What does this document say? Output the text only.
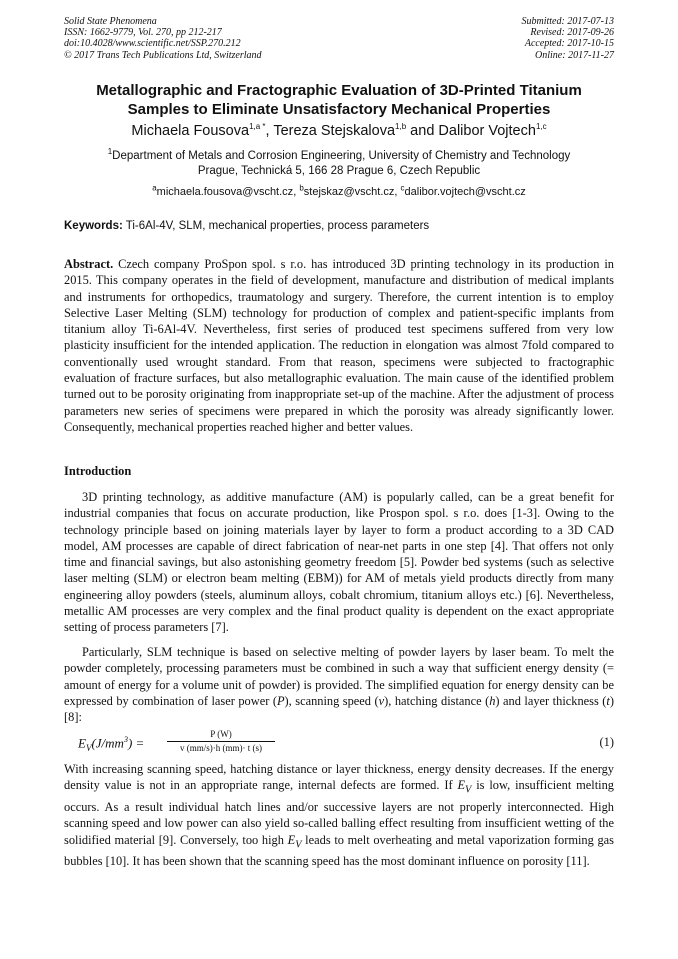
Solid State Phenomena
ISSN: 1662-9779, Vol. 270, pp 212-217
doi:10.4028/www.scientific.net/SSP.270.212
© 2017 Trans Tech Publications Ltd, Switzerland
Submitted: 2017-07-13
Revised: 2017-09-26
Accepted: 2017-10-15
Online: 2017-11-27
Metallographic and Fractographic Evaluation of 3D-Printed Titanium
Samples to Eliminate Unsatisfactory Mechanical Properties
Michaela Fousova$^{1,a *}$, Tereza Stejskalova$^{1,b}$ and Dalibor Vojtech$^{1,c}$
$^1$Department of Metals and Corrosion Engineering, University of Chemistry and Technology
Prague, Technická 5, 166 28 Prague 6, Czech Republic
$^a$michaela.fousova@vscht.cz, $^b$stejskaz@vscht.cz, $^c$dalibor.vojtech@vscht.cz
Keywords: Ti-6Al-4V, SLM, mechanical properties, process parameters
Abstract. Czech company ProSpon spol. s r.o. has introduced 3D printing technology in its production in 2015. This company operates in the field of development, manufacture and distribution of medical implants and instruments for orthopedics, traumatology and surgery. Therefore, the current intention is to employ Selective Laser Melting (SLM) technology for production of complex and patient-specific implants from titanium alloy Ti-6Al-4V. Nevertheless, first series of produced test specimens suffered from very low plasticity insufficient for the intended application. The reduction in elongation was almost 7fold compared to conventionally used wrought standard. From that reason, specimens were subjected to fractographic evaluation of fracture surfaces, but also metallographic evaluation. The main cause of the identified problem turned out to be porosity originating from inappropriate set-up of the machine. After the adjustment of process parameters new series of specimens were prepared in which the porosity was already significantly lower. Consequently, mechanical properties reached higher and better values.
Introduction
3D printing technology, as additive manufacture (AM) is popularly called, can be a great benefit for industrial companies that focus on accurate production, like Prospon spol. s r.o. does [1-3]. Owing to the technology principle based on joining materials layer by layer to form a product according to a 3D CAD model, AM processes are capable of direct fabrication of near-net parts in one step [4]. That offers not only time and financial savings, but also astonishing geometry freedom [5]. Powder bed systems (such as selective laser melting (SLM) or electron beam melting (EBM)) for AM of metals yield products directly from many engineering alloy powders (steels, aluminum alloys, cobalt chromium, titanium alloys etc.) [6]. Nevertheless, metallic AM processes are very complex and the final product quality is dependent on the exact appropriate setting of process parameters [7].
Particularly, SLM technique is based on selective melting of powder layers by laser beam. To melt the powder completely, processing parameters must be combined in such a way that sufficient energy density (= amount of energy for a volume unit of powder) is provided. The simplified equation for energy density can be expressed by combination of laser power (P), scanning speed (v), hatching distance (h) and layer thickness (t) [8]:
$E_V(J/mm^3)$ =	$\frac{P (W)}{v (mm/s)\cdot h (mm)\cdot t (s)}$	(1)
With increasing scanning speed, hatching distance or layer thickness, energy density decreases. If the energy density value is not in an appropriate range, internal defects are formed. If $E_V$ is low, insufficient melting occurs. As a result individual hatch lines and/or successive layers are not properly interconnected. High scanning speed and low power can also yield so-called balling effect resulting from insufficient wetting of the solidified material [9]. Conversely, too high $E_V$ leads to melt overheating and metal vaporization forming gas bubbles [10]. It has been shown that the scanning speed has the most dominant influence on porosity [11].
